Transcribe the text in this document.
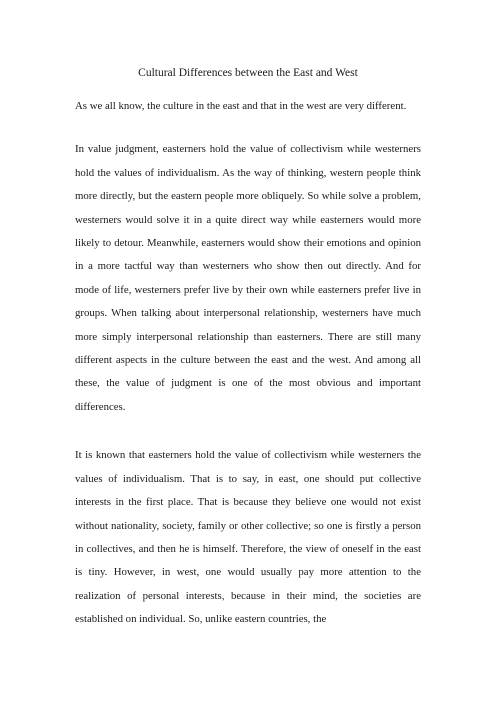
Cultural Differences between the East and West

As we all know, the culture in the east and that in the west are very different.

In value judgment, easterners hold the value of collectivism while westerners hold the values of individualism. As the way of thinking, western people think more directly, but the eastern people more obliquely. So while solve a problem, westerners would solve it in a quite direct way while easterners would more likely to detour. Meanwhile, easterners would show their emotions and opinion in a more tactful way than westerners who show then out directly. And for mode of life, westerners prefer live by their own while easterners prefer live in groups. When talking about interpersonal relationship, westerners have much more simply interpersonal relationship than easterners. There are still many different aspects in the culture between the east and the west. And among all these, the value of judgment is one of the most obvious and important differences.

It is known that easterners hold the value of collectivism while westerners the values of individualism. That is to say, in east, one should put collective interests in the first place. That is because they believe one would not exist without nationality, society, family or other collective; so one is firstly a person in collectives, and then he is himself. Therefore, the view of oneself in the east is tiny. However, in west, one would usually pay more attention to the realization of personal interests, because in their mind, the societies are established on individual. So, unlike eastern countries, the
